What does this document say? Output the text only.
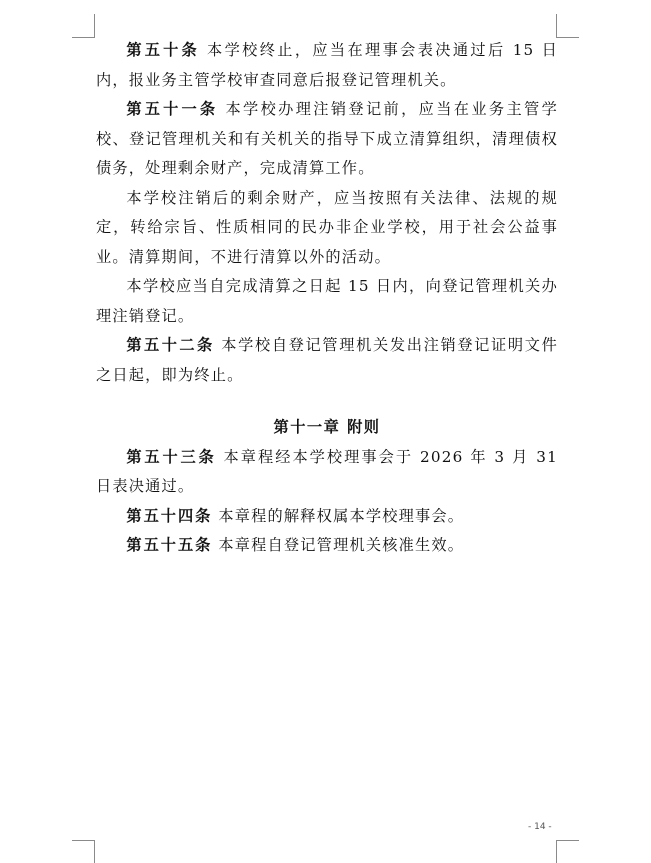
第五十条 本学校终止，应当在理事会表决通过后 15 日内，报业务主管学校审查同意后报登记管理机关。

第五十一条 本学校办理注销登记前，应当在业务主管学校、登记管理机关和有关机关的指导下成立清算组织，清理债权债务，处理剩余财产，完成清算工作。

本学校注销后的剩余财产，应当按照有关法律、法规的规定，转给宗旨、性质相同的民办非企业学校，用于社会公益事业。清算期间，不进行清算以外的活动。

本学校应当自完成清算之日起 15 日内，向登记管理机关办理注销登记。

第五十二条 本学校自登记管理机关发出注销登记证明文件之日起，即为终止。

第十一章 附则

第五十三条 本章程经本学校理事会于 2026 年 3 月 31 日表决通过。

第五十四条 本章程的解释权属本学校理事会。

第五十五条 本章程自登记管理机关核准生效。

- 14 -
